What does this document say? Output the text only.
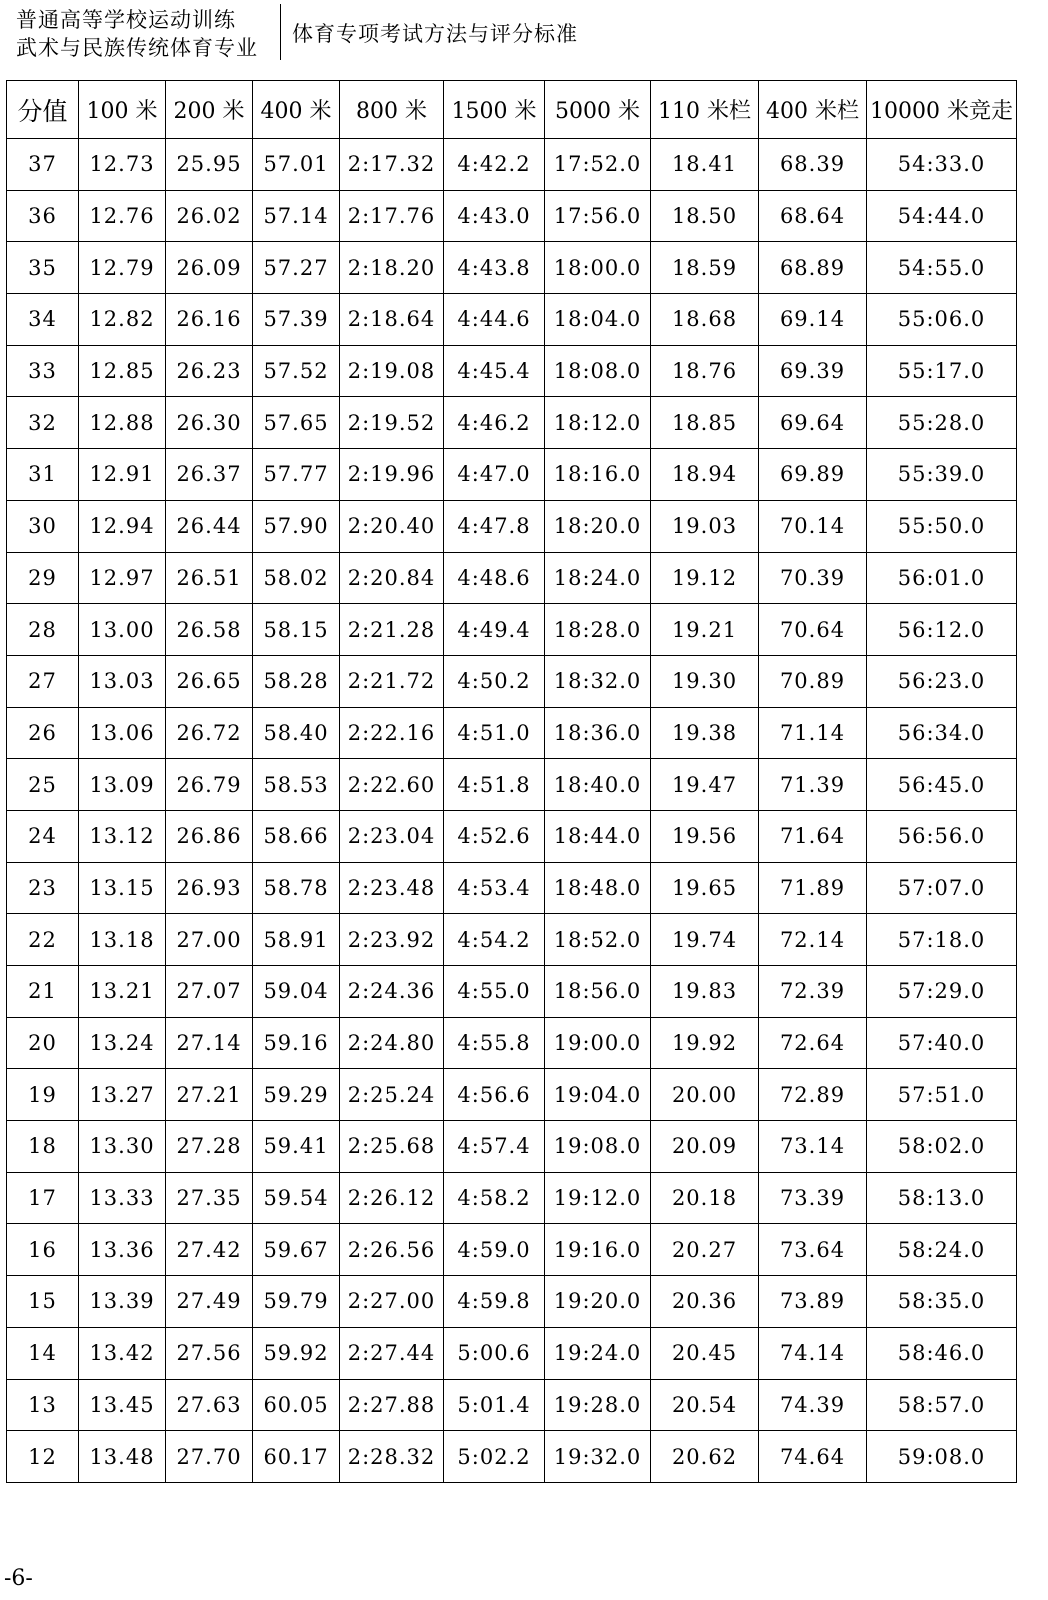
普通高等学校运动训练
武术与民族传统体育专业
体育专项考试方法与评分标准
分值	100 米	200 米	400 米	800 米	1500 米	5000 米	110 米栏	400 米栏	10000 米竞走
37	12.73	25.95	57.01	2:17.32	4:42.2	17:52.0	18.41	68.39	54:33.0
36	12.76	26.02	57.14	2:17.76	4:43.0	17:56.0	18.50	68.64	54:44.0
35	12.79	26.09	57.27	2:18.20	4:43.8	18:00.0	18.59	68.89	54:55.0
34	12.82	26.16	57.39	2:18.64	4:44.6	18:04.0	18.68	69.14	55:06.0
33	12.85	26.23	57.52	2:19.08	4:45.4	18:08.0	18.76	69.39	55:17.0
32	12.88	26.30	57.65	2:19.52	4:46.2	18:12.0	18.85	69.64	55:28.0
31	12.91	26.37	57.77	2:19.96	4:47.0	18:16.0	18.94	69.89	55:39.0
30	12.94	26.44	57.90	2:20.40	4:47.8	18:20.0	19.03	70.14	55:50.0
29	12.97	26.51	58.02	2:20.84	4:48.6	18:24.0	19.12	70.39	56:01.0
28	13.00	26.58	58.15	2:21.28	4:49.4	18:28.0	19.21	70.64	56:12.0
27	13.03	26.65	58.28	2:21.72	4:50.2	18:32.0	19.30	70.89	56:23.0
26	13.06	26.72	58.40	2:22.16	4:51.0	18:36.0	19.38	71.14	56:34.0
25	13.09	26.79	58.53	2:22.60	4:51.8	18:40.0	19.47	71.39	56:45.0
24	13.12	26.86	58.66	2:23.04	4:52.6	18:44.0	19.56	71.64	56:56.0
23	13.15	26.93	58.78	2:23.48	4:53.4	18:48.0	19.65	71.89	57:07.0
22	13.18	27.00	58.91	2:23.92	4:54.2	18:52.0	19.74	72.14	57:18.0
21	13.21	27.07	59.04	2:24.36	4:55.0	18:56.0	19.83	72.39	57:29.0
20	13.24	27.14	59.16	2:24.80	4:55.8	19:00.0	19.92	72.64	57:40.0
19	13.27	27.21	59.29	2:25.24	4:56.6	19:04.0	20.00	72.89	57:51.0
18	13.30	27.28	59.41	2:25.68	4:57.4	19:08.0	20.09	73.14	58:02.0
17	13.33	27.35	59.54	2:26.12	4:58.2	19:12.0	20.18	73.39	58:13.0
16	13.36	27.42	59.67	2:26.56	4:59.0	19:16.0	20.27	73.64	58:24.0
15	13.39	27.49	59.79	2:27.00	4:59.8	19:20.0	20.36	73.89	58:35.0
14	13.42	27.56	59.92	2:27.44	5:00.6	19:24.0	20.45	74.14	58:46.0
13	13.45	27.63	60.05	2:27.88	5:01.4	19:28.0	20.54	74.39	58:57.0
12	13.48	27.70	60.17	2:28.32	5:02.2	19:32.0	20.62	74.64	59:08.0
-6-
